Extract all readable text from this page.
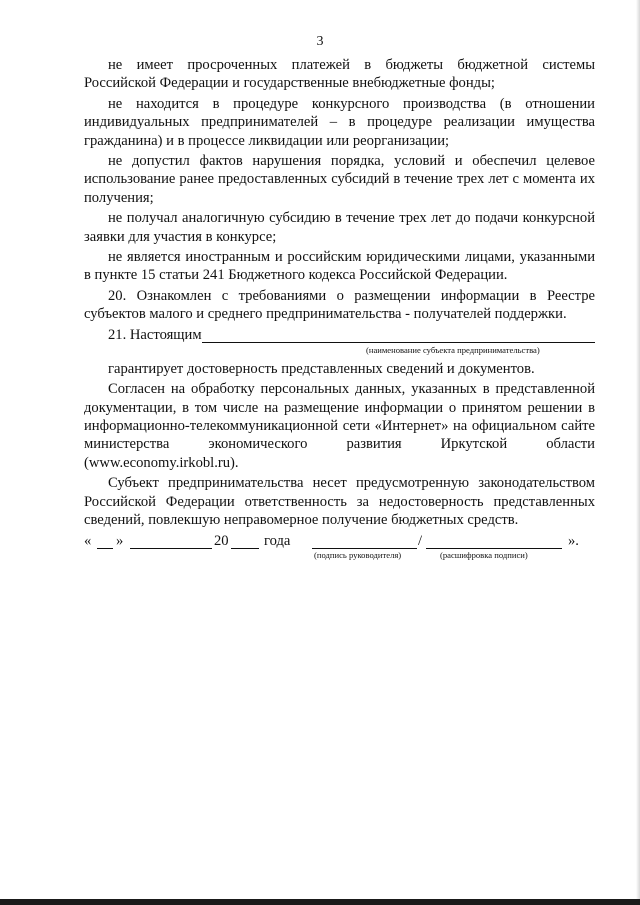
3

не имеет просроченных платежей в бюджеты бюджетной системы Российской Федерации и государственные внебюджетные фонды;

не находится в процедуре конкурсного производства (в отношении индивидуальных предпринимателей – в процедуре реализации имущества гражданина) и в процессе ликвидации или реорганизации;

не допустил фактов нарушения порядка, условий и обеспечил целевое использование ранее предоставленных субсидий в течение трех лет с момента их получения;

не получал аналогичную субсидию в течение трех лет до подачи конкурсной заявки для участия в конкурсе;

не является иностранным и российским юридическими лицами, указанными в пункте 15 статьи 241 Бюджетного кодекса Российской Федерации.

20. Ознакомлен с требованиями о размещении информации в Реестре субъектов малого и среднего предпринимательства - получателей поддержки.

21. Настоящим
(наименование субъекта предпринимательства)

гарантирует достоверность представленных сведений и документов.

Согласен на обработку персональных данных, указанных в представленной документации, в том числе на размещение информации о принятом решении в информационно-телекоммуникационной сети «Интернет» на официальном сайте министерства экономического развития Иркутской области (www.economy.irkobl.ru).

Субъект предпринимательства несет предусмотренную законодательством Российской Федерации ответственность за недостоверность представленных сведений, повлекшую неправомерное получение бюджетных средств.

« »	20 года	/	».
(подпись руководителя)	(расшифровка подписи)
